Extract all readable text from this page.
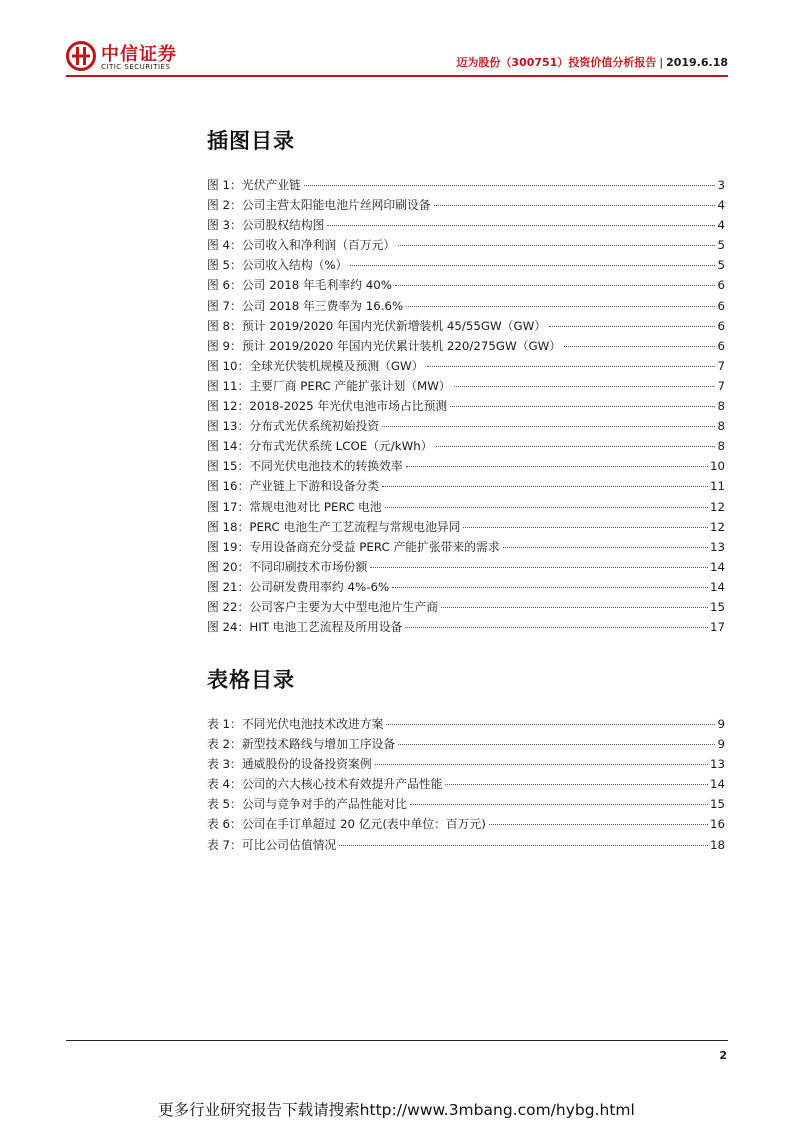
中信证券
CITIC SECURITIES	迈为股份（300751）投资价值分析报告 | 2019.6.18
插图目录
图 1：光伏产业链	3
图 2：公司主营太阳能电池片丝网印刷设备	4
图 3：公司股权结构图	4
图 4：公司收入和净利润（百万元）	5
图 5：公司收入结构（%）	5
图 6：公司 2018 年毛利率约 40%	6
图 7：公司 2018 年三费率为 16.6%	6
图 8：预计 2019/2020 年国内光伏新增装机 45/55GW（GW）	6
图 9：预计 2019/2020 年国内光伏累计装机 220/275GW（GW）	6
图 10：全球光伏装机规模及预测（GW）	7
图 11：主要厂商 PERC 产能扩张计划（MW）	7
图 12：2018-2025 年光伏电池市场占比预测	8
图 13：分布式光伏系统初始投资	8
图 14：分布式光伏系统 LCOE（元/kWh）	8
图 15：不同光伏电池技术的转换效率	10
图 16：产业链上下游和设备分类	11
图 17：常规电池对比 PERC 电池	12
图 18：PERC 电池生产工艺流程与常规电池异同	12
图 19：专用设备商充分受益 PERC 产能扩张带来的需求	13
图 20：不同印刷技术市场份额	14
图 21：公司研发费用率约 4%-6%	14
图 22：公司客户主要为大中型电池片生产商	15
图 24：HIT 电池工艺流程及所用设备	17
表格目录
表 1：不同光伏电池技术改进方案	9
表 2：新型技术路线与增加工序设备	9
表 3：通威股份的设备投资案例	13
表 4：公司的六大核心技术有效提升产品性能	14
表 5：公司与竞争对手的产品性能对比	15
表 6：公司在手订单超过 20 亿元(表中单位：百万元)	16
表 7：可比公司估值情况	18
2
更多行业研究报告下载请搜索http://www.3mbang.com/hybg.html
